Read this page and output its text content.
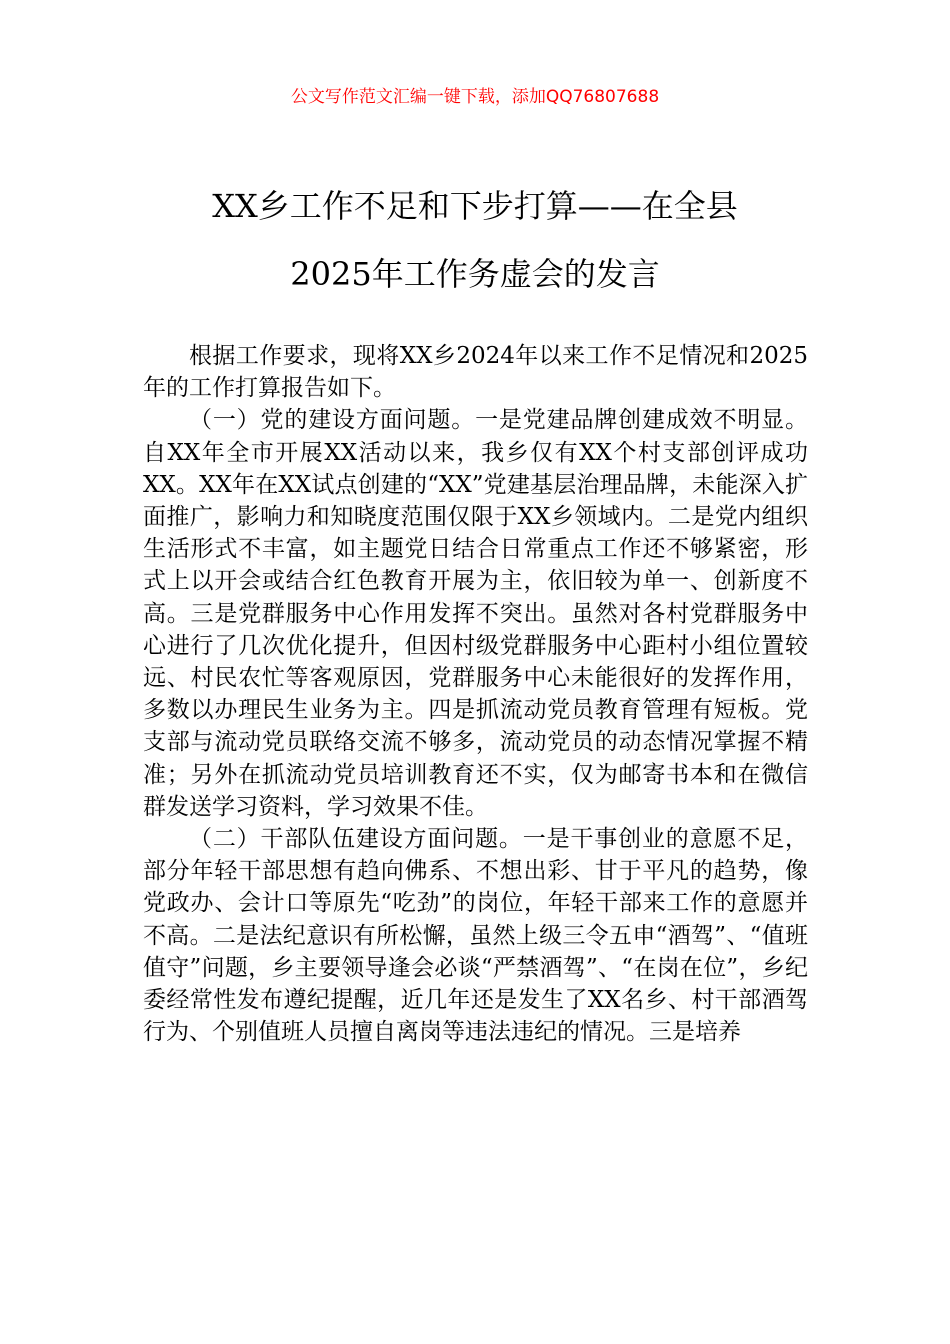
公文写作范文汇编一键下载，添加QQ76807688
XX乡工作不足和下步打算——在全县
2025年工作务虚会的发言

根据工作要求，现将XX乡2024年以来工作不足情况和2025年的工作打算报告如下。

（一）党的建设方面问题。一是党建品牌创建成效不明显。自XX年全市开展XX活动以来，我乡仅有XX个村支部创评成功XX。XX年在XX试点创建的“XX”党建基层治理品牌，未能深入扩面推广，影响力和知晓度范围仅限于XX乡领域内。二是党内组织生活形式不丰富，如主题党日结合日常重点工作还不够紧密，形式上以开会或结合红色教育开展为主，依旧较为单一、创新度不高。三是党群服务中心作用发挥不突出。虽然对各村党群服务中心进行了几次优化提升，但因村级党群服务中心距村小组位置较远、村民农忙等客观原因，党群服务中心未能很好的发挥作用，多数以办理民生业务为主。四是抓流动党员教育管理有短板。党支部与流动党员联络交流不够多，流动党员的动态情况掌握不精准；另外在抓流动党员培训教育还不实，仅为邮寄书本和在微信群发送学习资料，学习效果不佳。

（二）干部队伍建设方面问题。一是干事创业的意愿不足，部分年轻干部思想有趋向佛系、不想出彩、甘于平凡的趋势，像党政办、会计口等原先“吃劲”的岗位，年轻干部来工作的意愿并不高。二是法纪意识有所松懈，虽然上级三令五申“酒驾”、“值班值守”问题，乡主要领导逢会必谈“严禁酒驾”、“在岗在位”，乡纪委经常性发布遵纪提醒，近几年还是发生了XX名乡、村干部酒驾行为、个别值班人员擅自离岗等违法违纪的情况。三是培养
